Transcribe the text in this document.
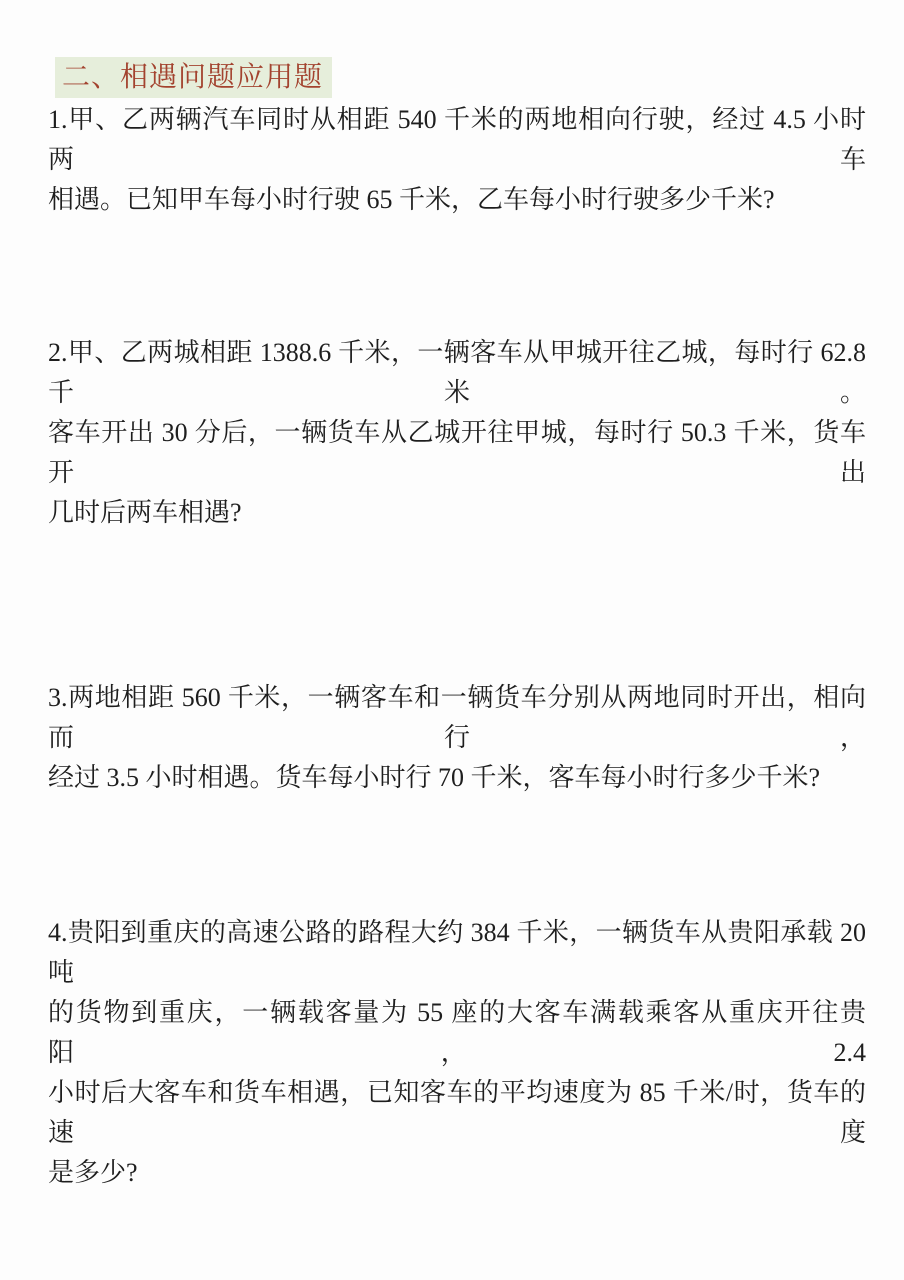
二、相遇问题应用题
1.甲、乙两辆汽车同时从相距 540 千米的两地相向行驶，经过 4.5 小时两车
相遇。已知甲车每小时行驶 65 千米，乙车每小时行驶多少千米?
2.甲、乙两城相距 1388.6 千米，一辆客车从甲城开往乙城，每时行 62.8 千米。
客车开出 30 分后，一辆货车从乙城开往甲城，每时行 50.3 千米，货车开出
几时后两车相遇?
3.两地相距 560 千米，一辆客车和一辆货车分别从两地同时开出，相向而行，
经过 3.5 小时相遇。货车每小时行 70 千米，客车每小时行多少千米?
4.贵阳到重庆的高速公路的路程大约 384 千米，一辆货车从贵阳承载 20 吨
的货物到重庆，一辆载客量为 55 座的大客车满载乘客从重庆开往贵阳，2.4
小时后大客车和货车相遇，已知客车的平均速度为 85 千米/时，货车的速度
是多少?
